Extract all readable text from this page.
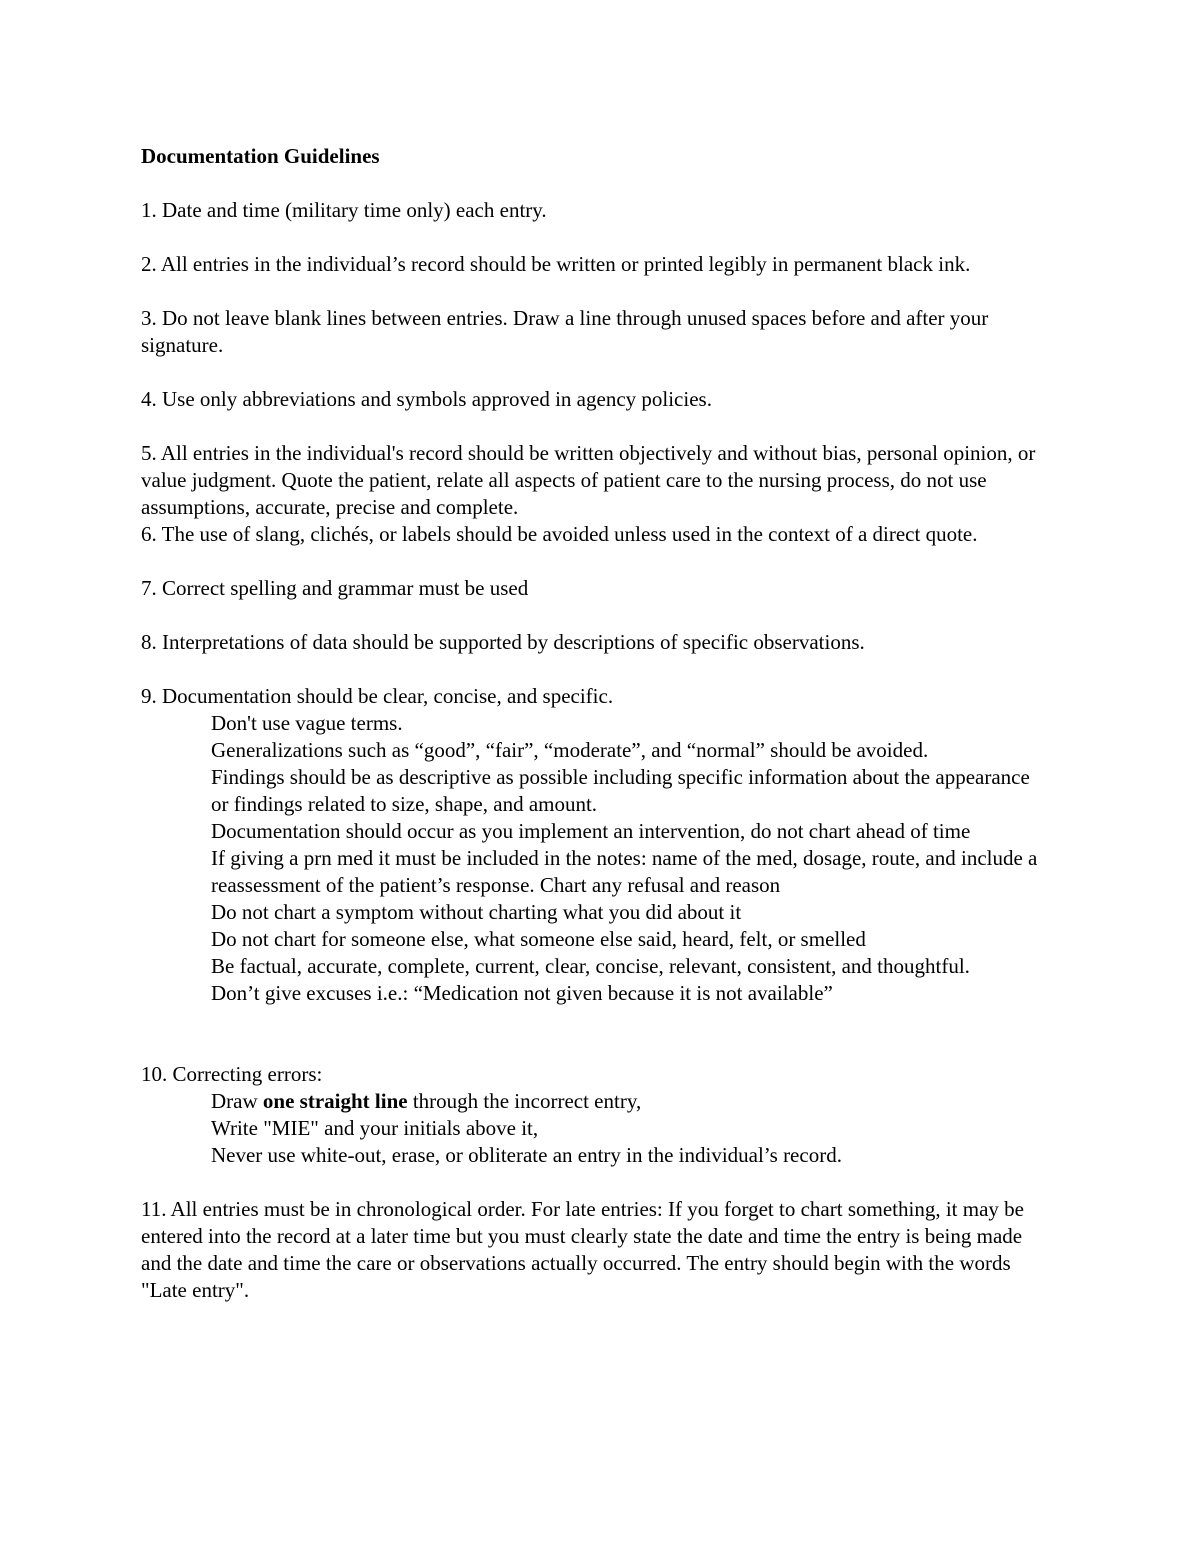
Documentation Guidelines
1. Date and time (military time only) each entry.
2. All entries in the individual’s record should be written or printed legibly in permanent black ink.
3. Do not leave blank lines between entries. Draw a line through unused spaces before and after your signature.
4. Use only abbreviations and symbols approved in agency policies.
5. All entries in the individual's record should be written objectively and without bias, personal opinion, or value judgment. Quote the patient, relate all aspects of patient care to the nursing process, do not use assumptions, accurate, precise and complete.
6. The use of slang, clichés, or labels should be avoided unless used in the context of a direct quote.
7. Correct spelling and grammar must be used
8. Interpretations of data should be supported by descriptions of specific observations.
9. Documentation should be clear, concise, and specific.
Don't use vague terms.
Generalizations such as “good”, “fair”, “moderate”, and “normal” should be avoided.
Findings should be as descriptive as possible including specific information about the appearance or findings related to size, shape, and amount.
Documentation should occur as you implement an intervention, do not chart ahead of time
If giving a prn med it must be included in the notes: name of the med, dosage, route, and include a reassessment of the patient’s response. Chart any refusal and reason
Do not chart a symptom without charting what you did about it
Do not chart for someone else, what someone else said, heard, felt, or smelled
Be factual, accurate, complete, current, clear, concise, relevant, consistent, and thoughtful.
Don’t give excuses i.e.: “Medication not given because it is not available”
10. Correcting errors:
Draw one straight line through the incorrect entry,
Write "MIE" and your initials above it,
Never use white-out, erase, or obliterate an entry in the individual’s record.
11. All entries must be in chronological order. For late entries: If you forget to chart something, it may be entered into the record at a later time but you must clearly state the date and time the entry is being made and the date and time the care or observations actually occurred. The entry should begin with the words "Late entry".
